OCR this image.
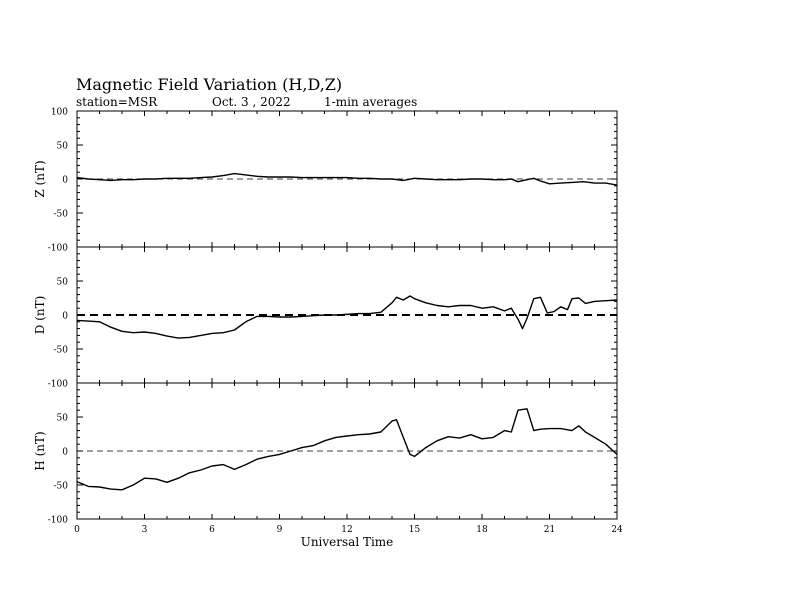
Magnetic Field Variation (H,D,Z)
station=MSR	Oct. 3 , 2022	1-min averages
100
50
0
-50
-100
Z (nT)
50
0
-50
-100
D (nT)
50
0
-50
-100
H (nT)
0	3	6	9	12	15	18	21	24
Universal Time
